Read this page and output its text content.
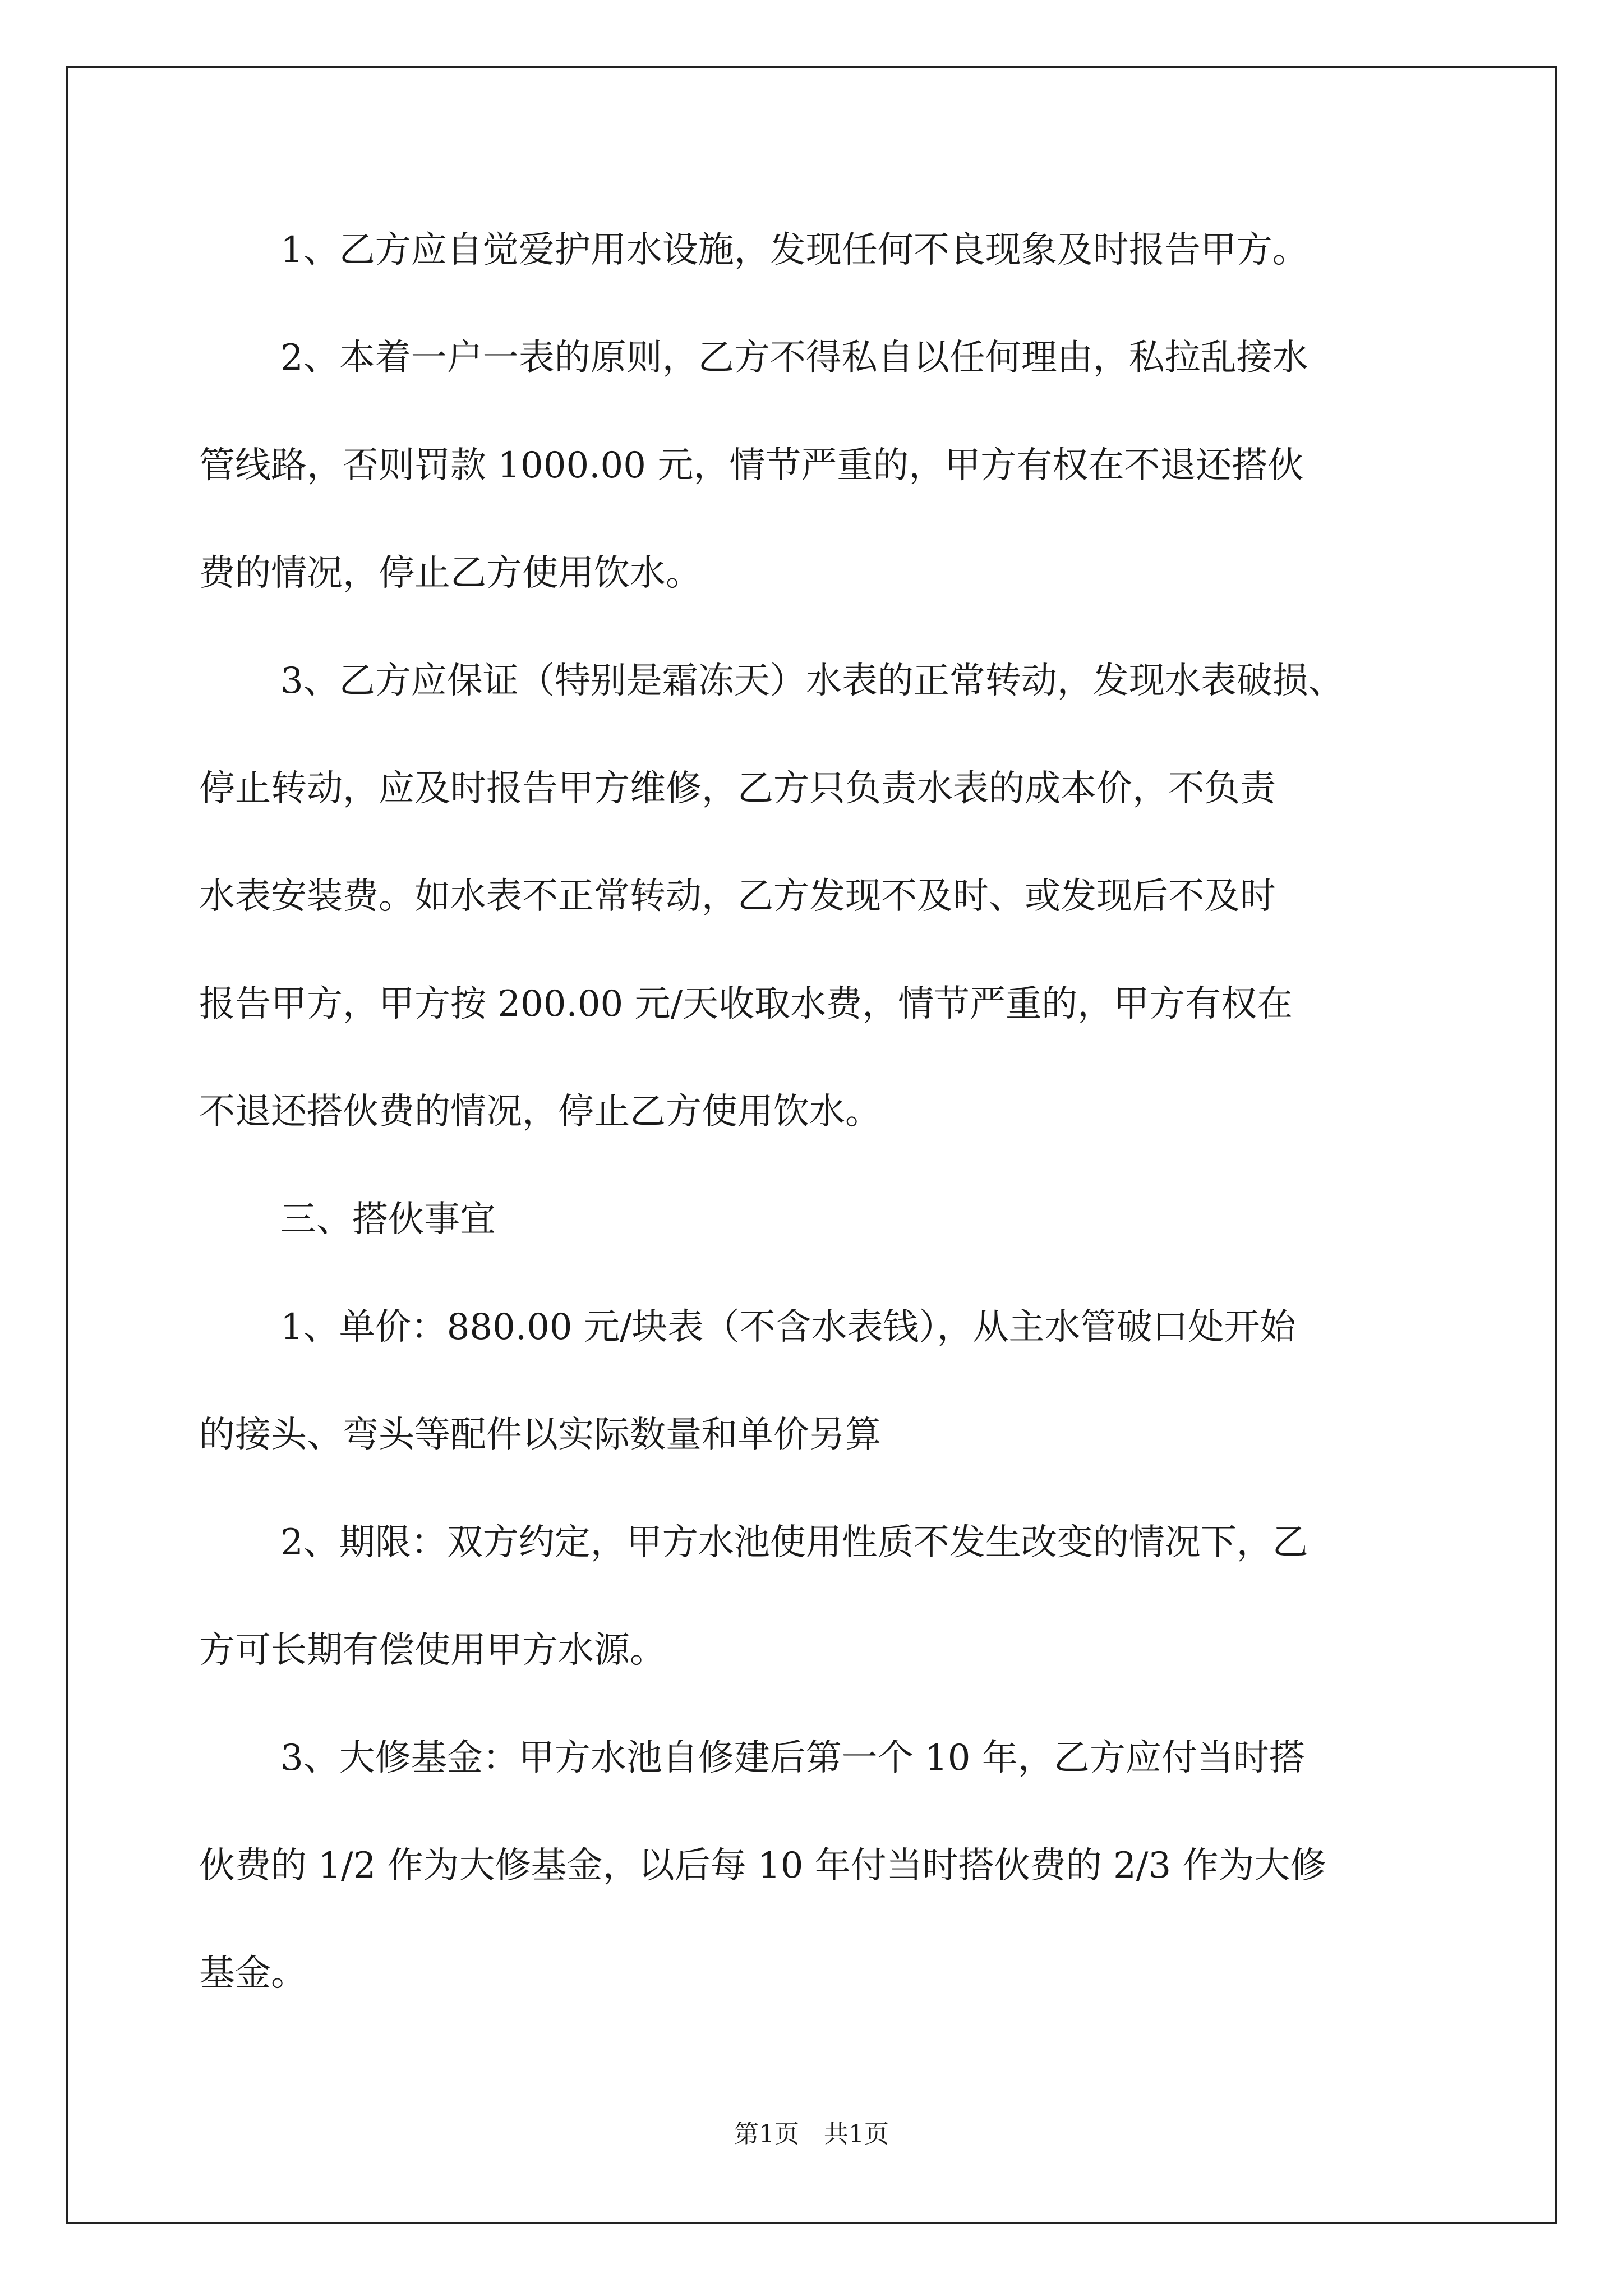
1、乙方应自觉爱护用水设施，发现任何不良现象及时报告甲方。
2、本着一户一表的原则，乙方不得私自以任何理由，私拉乱接水
管线路，否则罚款 1000.00 元，情节严重的，甲方有权在不退还搭伙
费的情况，停止乙方使用饮水。
3、乙方应保证（特别是霜冻天）水表的正常转动，发现水表破损、
停止转动，应及时报告甲方维修，乙方只负责水表的成本价，不负责
水表安装费。如水表不正常转动，乙方发现不及时、或发现后不及时
报告甲方，甲方按 200.00 元/天收取水费，情节严重的，甲方有权在
不退还搭伙费的情况，停止乙方使用饮水。
三、搭伙事宜
1、单价：880.00 元/块表（不含水表钱），从主水管破口处开始
的接头、弯头等配件以实际数量和单价另算
2、期限：双方约定，甲方水池使用性质不发生改变的情况下，乙
方可长期有偿使用甲方水源。
3、大修基金：甲方水池自修建后第一个 10 年，乙方应付当时搭
伙费的 1/2 作为大修基金，以后每 10 年付当时搭伙费的 2/3 作为大修
基金。
第1页　共1页
